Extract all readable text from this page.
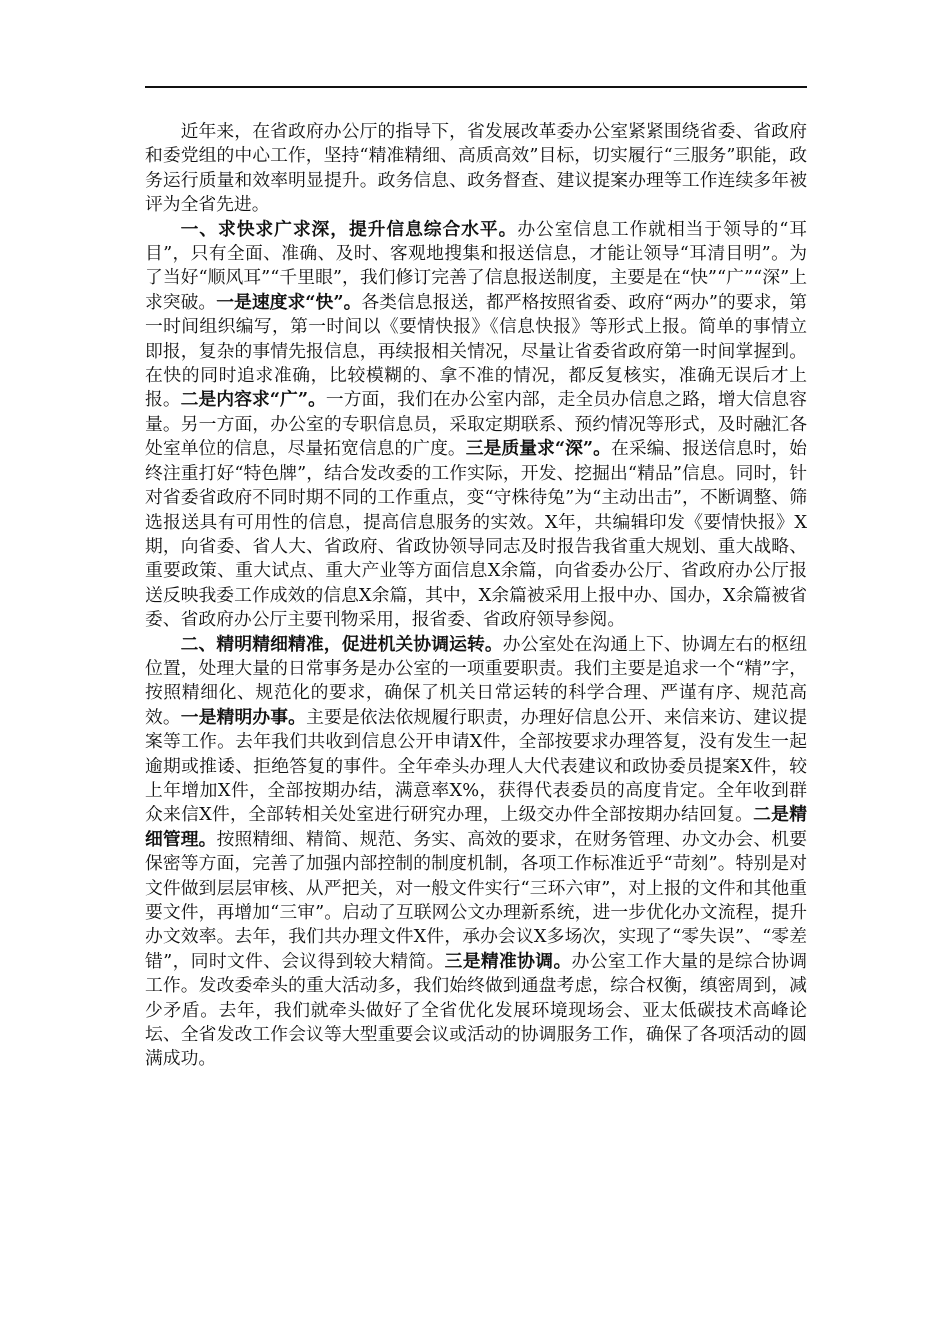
近年来，在省政府办公厅的指导下，省发展改革委办公室紧紧围绕省委、省政府和委党组的中心工作，坚持“精准精细、高质高效”目标，切实履行“三服务”职能，政务运行质量和效率明显提升。政务信息、政务督查、建议提案办理等工作连续多年被评为全省先进。

一、求快求广求深，提升信息综合水平。办公室信息工作就相当于领导的“耳目”，只有全面、准确、及时、客观地搜集和报送信息，才能让领导“耳清目明”。为了当好“顺风耳”“千里眼”，我们修订完善了信息报送制度，主要是在“快”“广”“深”上求突破。一是速度求“快”。各类信息报送，都严格按照省委、政府“两办”的要求，第一时间组织编写，第一时间以《要情快报》《信息快报》等形式上报。简单的事情立即报，复杂的事情先报信息，再续报相关情况，尽量让省委省政府第一时间掌握到。在快的同时追求准确，比较模糊的、拿不准的情况，都反复核实，准确无误后才上报。二是内容求“广”。一方面，我们在办公室内部，走全员办信息之路，增大信息容量。另一方面，办公室的专职信息员，采取定期联系、预约情况等形式，及时融汇各处室单位的信息，尽量拓宽信息的广度。三是质量求“深”。在采编、报送信息时，始终注重打好“特色牌”，结合发改委的工作实际，开发、挖掘出“精品”信息。同时，针对省委省政府不同时期不同的工作重点，变“守株待兔”为“主动出击”，不断调整、筛选报送具有可用性的信息，提高信息服务的实效。X年，共编辑印发《要情快报》X期，向省委、省人大、省政府、省政协领导同志及时报告我省重大规划、重大战略、重要政策、重大试点、重大产业等方面信息X余篇，向省委办公厅、省政府办公厅报送反映我委工作成效的信息X余篇，其中，X余篇被采用上报中办、国办，X余篇被省委、省政府办公厅主要刊物采用，报省委、省政府领导参阅。

二、精明精细精准，促进机关协调运转。办公室处在沟通上下、协调左右的枢纽位置，处理大量的日常事务是办公室的一项重要职责。我们主要是追求一个“精”字，按照精细化、规范化的要求，确保了机关日常运转的科学合理、严谨有序、规范高效。一是精明办事。主要是依法依规履行职责，办理好信息公开、来信来访、建议提案等工作。去年我们共收到信息公开申请X件，全部按要求办理答复，没有发生一起逾期或推诿、拒绝答复的事件。全年牵头办理人大代表建议和政协委员提案X件，较上年增加X件，全部按期办结，满意率X%，获得代表委员的高度肯定。全年收到群众来信X件，全部转相关处室进行研究办理，上级交办件全部按期办结回复。二是精细管理。按照精细、精简、规范、务实、高效的要求，在财务管理、办文办会、机要保密等方面，完善了加强内部控制的制度机制，各项工作标准近乎“苛刻”。特别是对文件做到层层审核、从严把关，对一般文件实行“三环六审”，对上报的文件和其他重要文件，再增加“三审”。启动了互联网公文办理新系统，进一步优化办文流程，提升办文效率。去年，我们共办理文件X件，承办会议X多场次，实现了“零失误”、“零差错”，同时文件、会议得到较大精简。三是精准协调。办公室工作大量的是综合协调工作。发改委牵头的重大活动多，我们始终做到通盘考虑，综合权衡，缜密周到，减少矛盾。去年，我们就牵头做好了全省优化发展环境现场会、亚太低碳技术高峰论坛、全省发改工作会议等大型重要会议或活动的协调服务工作，确保了各项活动的圆满成功。
